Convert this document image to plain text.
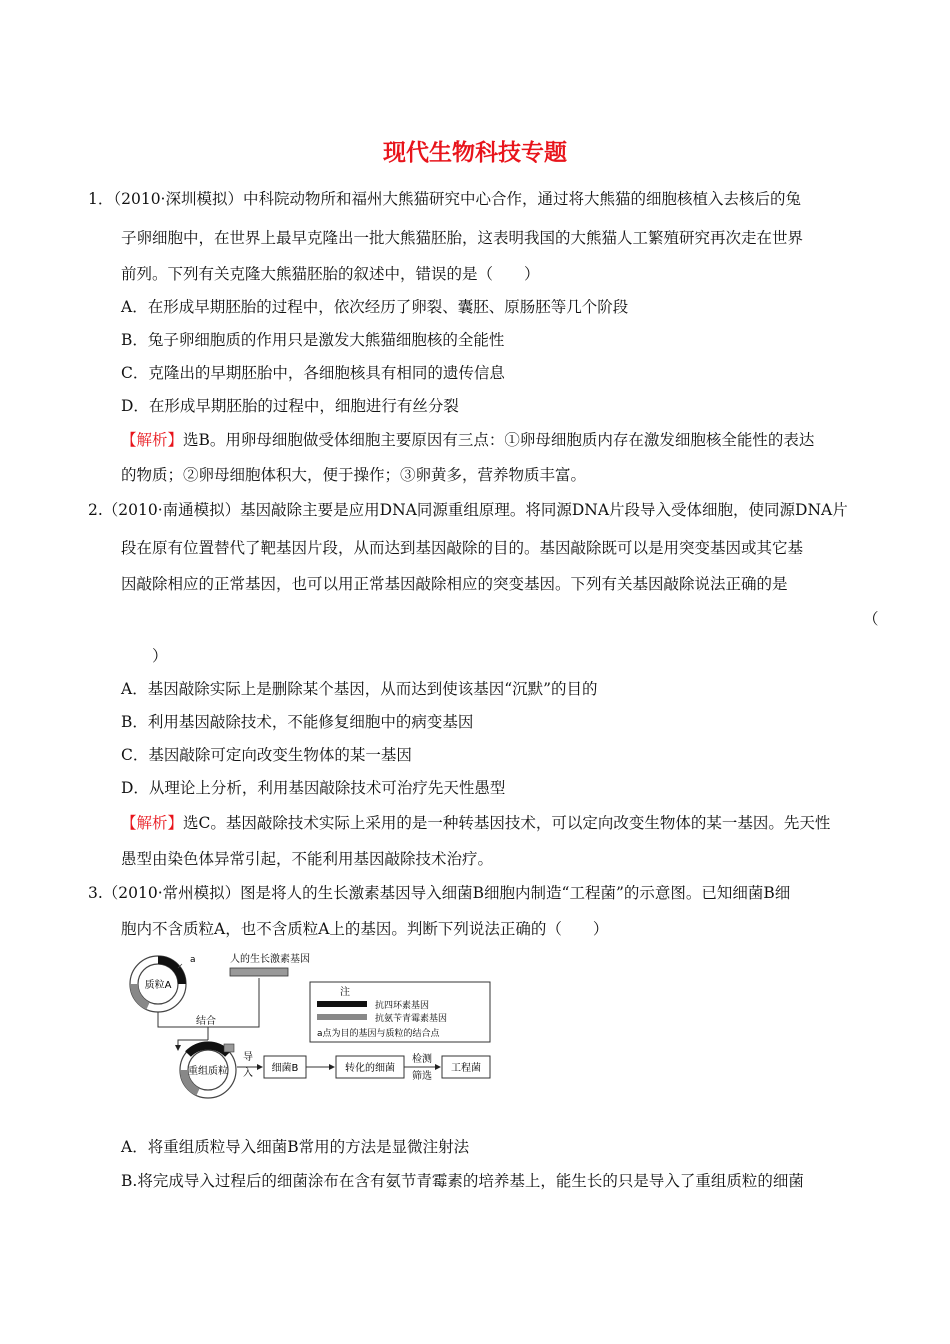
现代生物科技专题
1．（2010·深圳模拟）中科院动物所和福州大熊猫研究中心合作，通过将大熊猫的细胞核植入去核后的兔
子卵细胞中，在世界上最早克隆出一批大熊猫胚胎，这表明我国的大熊猫人工繁殖研究再次走在世界
前列。下列有关克隆大熊猫胚胎的叙述中，错误的是（　　）
A．在形成早期胚胎的过程中，依次经历了卵裂、囊胚、原肠胚等几个阶段
B．兔子卵细胞质的作用只是激发大熊猫细胞核的全能性
C．克隆出的早期胚胎中，各细胞核具有相同的遗传信息
D．在形成早期胚胎的过程中，细胞进行有丝分裂
【解析】选B。用卵母细胞做受体细胞主要原因有三点：①卵母细胞质内存在激发细胞核全能性的表达
的物质；②卵母细胞体积大，便于操作；③卵黄多，营养物质丰富。
2.（2010·南通模拟）基因敲除主要是应用DNA同源重组原理。将同源DNA片段导入受体细胞，使同源DNA片
段在原有位置替代了靶基因片段，从而达到基因敲除的目的。基因敲除既可以是用突变基因或其它基
因敲除相应的正常基因，也可以用正常基因敲除相应的突变基因。下列有关基因敲除说法正确的是
（
）
A．基因敲除实际上是删除某个基因，从而达到使该基因“沉默”的目的
B．利用基因敲除技术，不能修复细胞中的病变基因
C．基因敲除可定向改变生物体的某一基因
D．从理论上分析，利用基因敲除技术可治疗先天性愚型
【解析】选C。基因敲除技术实际上采用的是一种转基因技术，可以定向改变生物体的某一基因。先天性
愚型由染色体异常引起，不能利用基因敲除技术治疗。
3.（2010·常州模拟）图是将人的生长激素基因导入细菌B细胞内制造“工程菌”的示意图。已知细菌B细
胞内不含质粒A，也不含质粒A上的基因。判断下列说法正确的（　　）
质粒A
a	人的生长激素基因
结合
重组质粒
导
入 细菌B	转化的细菌
检测
筛选
工程菌
注
抗四环素基因
抗氨苄青霉素基因
a点为目的基因与质粒的结合点
A．将重组质粒导入细菌B常用的方法是显微注射法
B.将完成导入过程后的细菌涂布在含有氨节青霉素的培养基上，能生长的只是导入了重组质粒的细菌
